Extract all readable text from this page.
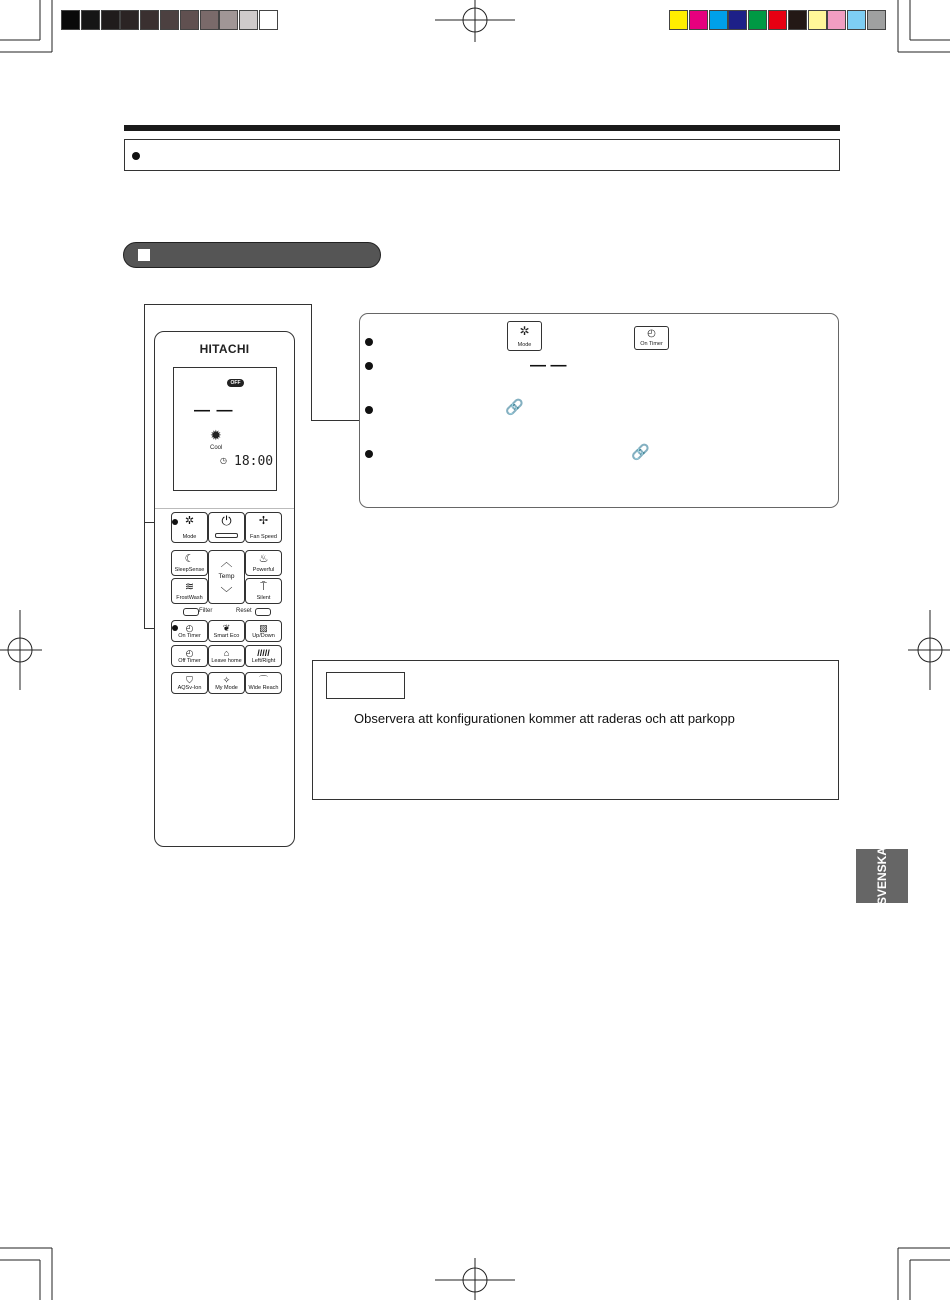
HITACHI
OFF
— —
✹
Cool
◷ 18:00
✲
Mode
⏻	✢
Fan Speed
☾
SleepSense
︿
Temp
﹀
♨
Powerful
≋
FrostWash
⍑
Silent
Filter	Reset
◴
On Timer
❦
Smart Eco
▨
Up/Down
◴
Off Timer
⌂
Leave home
/////
Left/Right
⛉
AQSv-Ion
✧
My Mode
⌒
Wide Reach
✲
Mode
◴
On Timer
— —
🔗
🔗
Observera att konfigurationen kommer att raderas och att parkopp
SVENSKA
